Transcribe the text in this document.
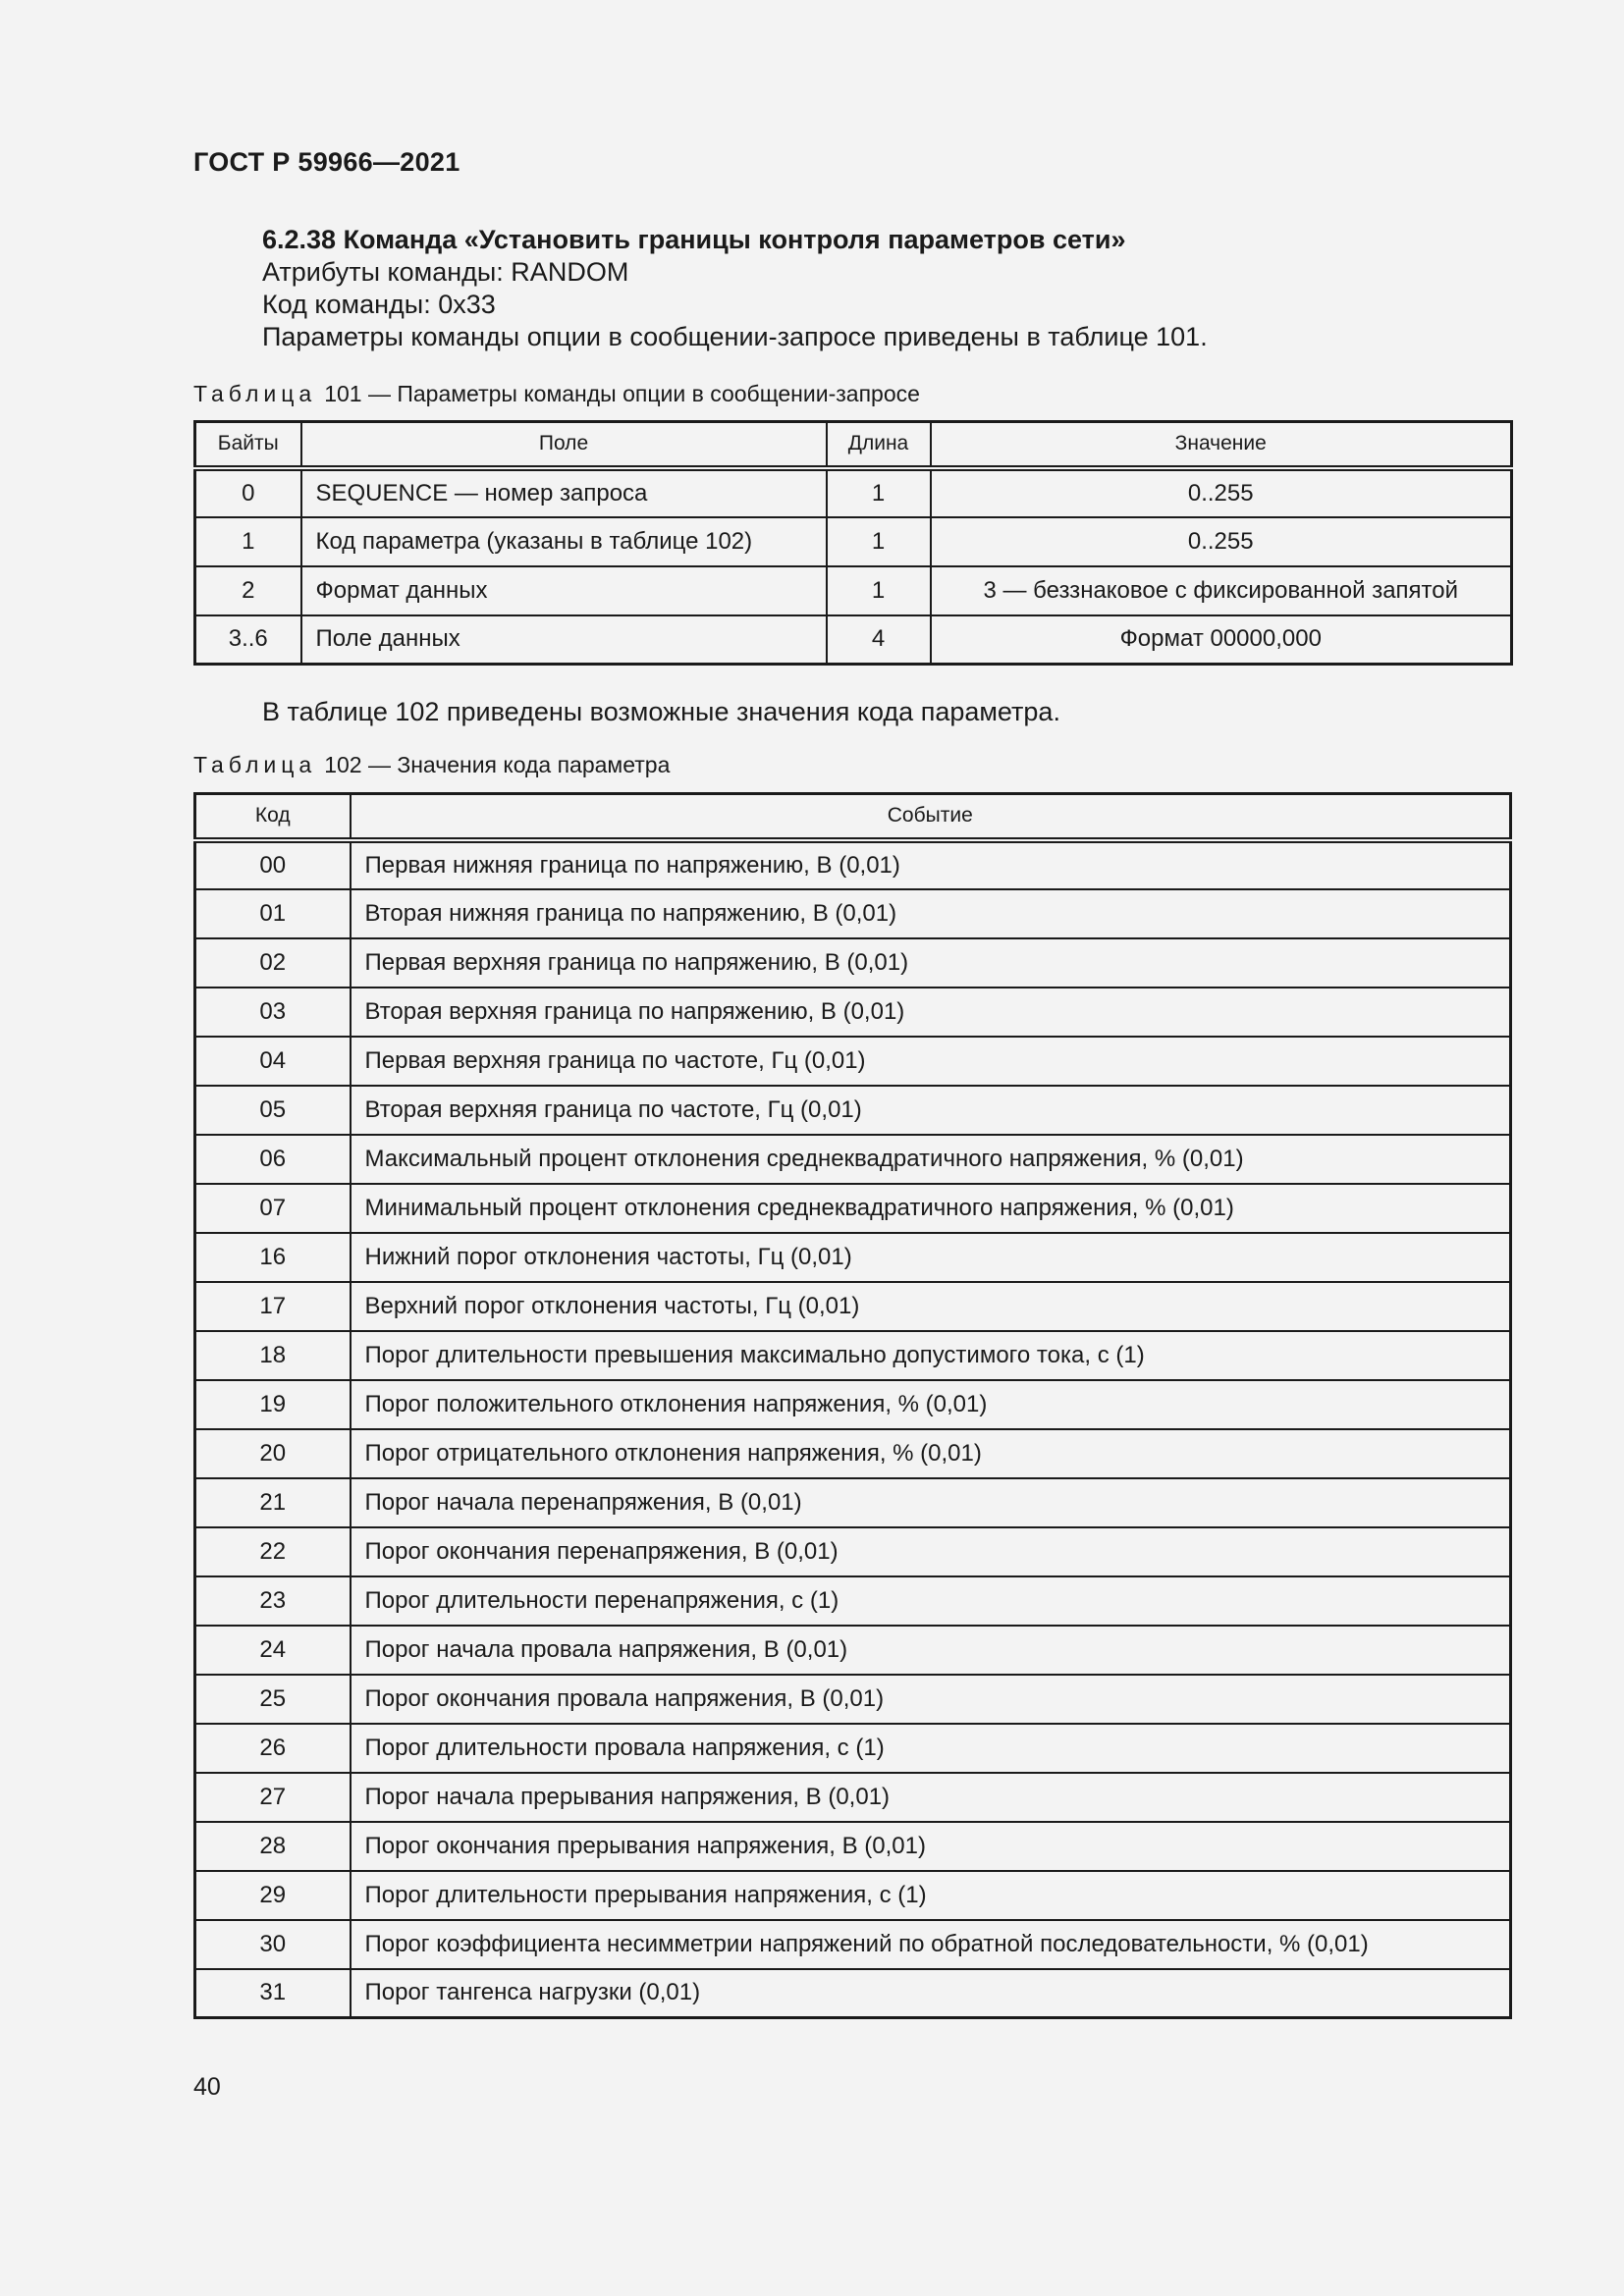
ГОСТ Р 59966—2021
6.2.38 Команда «Установить границы контроля параметров сети»
Атрибуты команды: RANDOM
Код команды: 0x33
Параметры команды опции в сообщении-запросе приведены в таблице 101.
Таблица 101 — Параметры команды опции в сообщении-запросе
Байты	Поле	Длина	Значение
0	SEQUENCE — номер запроса	1	0..255
1	Код параметра (указаны в таблице 102)	1	0..255
2	Формат данных	1	3 — беззнаковое с фиксированной запятой
3..6	Поле данных	4	Формат 00000,000
В таблице 102 приведены возможные значения кода параметра.
Таблица 102 — Значения кода параметра
Код	Событие
00	Первая нижняя граница по напряжению, В (0,01)
01	Вторая нижняя граница по напряжению, В (0,01)
02	Первая верхняя граница по напряжению, В (0,01)
03	Вторая верхняя граница по напряжению, В (0,01)
04	Первая верхняя граница по частоте, Гц (0,01)
05	Вторая верхняя граница по частоте, Гц (0,01)
06	Максимальный процент отклонения среднеквадратичного напряжения, % (0,01)
07	Минимальный процент отклонения среднеквадратичного напряжения, % (0,01)
16	Нижний порог отклонения частоты, Гц (0,01)
17	Верхний порог отклонения частоты, Гц (0,01)
18	Порог длительности превышения максимально допустимого тока, с (1)
19	Порог положительного отклонения напряжения, % (0,01)
20	Порог отрицательного отклонения напряжения, % (0,01)
21	Порог начала перенапряжения, В (0,01)
22	Порог окончания перенапряжения, В (0,01)
23	Порог длительности перенапряжения, с (1)
24	Порог начала провала напряжения, В (0,01)
25	Порог окончания провала напряжения, В (0,01)
26	Порог длительности провала напряжения, с (1)
27	Порог начала прерывания напряжения, В (0,01)
28	Порог окончания прерывания напряжения, В (0,01)
29	Порог длительности прерывания напряжения, с (1)
30	Порог коэффициента несимметрии напряжений по обратной последовательности, % (0,01)
31	Порог тангенса нагрузки (0,01)
40
